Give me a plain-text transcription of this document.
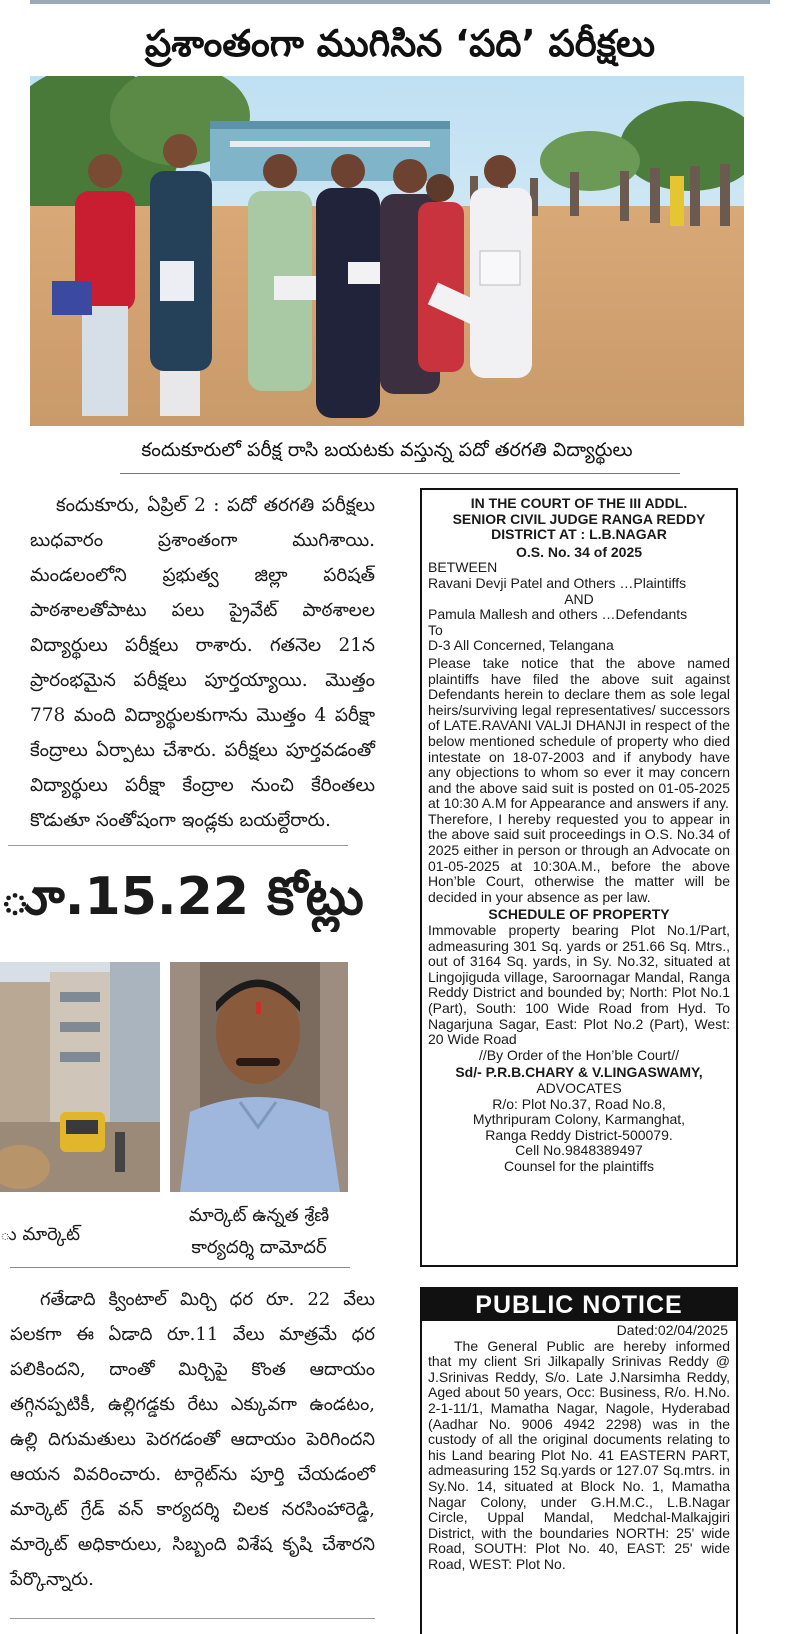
ప్రశాంతంగా ముగిసిన ‘పది’ పరీక్షలు
కందుకూరులో పరీక్ష రాసి బయటకు వస్తున్న పదో తరగతి విద్యార్థులు

కందుకూరు, ఏప్రిల్ 2 : పదో తరగతి పరీక్షలు బుధవారం ప్రశాంతంగా ముగిశాయి. మండలంలోని ప్రభుత్వ జిల్లా పరిషత్ పాఠశాలతోపాటు పలు ప్రైవేట్ పాఠశాలల విద్యార్థులు పరీక్షలు రాశారు. గతనెల 21న ప్రారంభమైన పరీక్షలు పూర్తయ్యాయి. మొత్తం 778 మంది విద్యార్థులకుగాను మొత్తం 4 పరీక్షా కేంద్రాలు ఏర్పాటు చేశారు. పరీక్షలు పూర్తవడంతో విద్యార్థులు పరీక్షా కేంద్రాల నుంచి కేరింతలు కొడుతూ సంతోషంగా ఇండ్లకు బయల్దేరారు.

ూ.15.22 కోట్లు
ు మార్కెట్
మార్కెట్ ఉన్నత శ్రేణి
కార్యదర్శి దామోదర్

గతేడాది క్వింటాల్ మిర్చి ధర రూ. 22 వేలు పలకగా ఈ ఏడాది రూ.11 వేలు మాత్రమే ధర పలికిందని, దాంతో మిర్చిపై కొంత ఆదాయం తగ్గినప్పటికీ, ఉల్లిగడ్డకు రేటు ఎక్కువగా ఉండటం, ఉల్లి దిగుమతులు పెరగడంతో ఆదాయం పెరిగిందని ఆయన వివరించారు. టార్గెట్‌ను పూర్తి చేయడంలో మార్కెట్ గ్రేడ్ వన్ కార్యదర్శి చిలక నరసింహారెడ్డి, మార్కెట్ అధికారులు, సిబ్బంది విశేష కృషి చేశారని పేర్కొన్నారు.

IN THE COURT OF THE III ADDL.

SENIOR CIVIL JUDGE RANGA REDDY

DISTRICT AT : L.B.NAGAR

O.S. No. 34 of 2025

BETWEEN

Ravani Devji Patel and Others …Plaintiffs

AND

Pamula Mallesh and others …Defendants

To

D-3 All Concerned, Telangana

Please take notice that the above named plaintiffs have filed the above suit against Defendants herein to declare them as sole legal heirs/surviving legal representatives/ successors of LATE.RAVANI VALJI DHANJI in respect of the below mentioned schedule of property who died intestate on 18-07-2003 and if anybody have any objections to whom so ever it may concern and the above said suit is posted on 01-05-2025 at 10:30 A.M for Appearance and answers if any.

Therefore, I hereby requested you to appear in the above said suit proceedings in O.S. No.34 of 2025 either in person or through an Advocate on 01-05-2025 at 10:30A.M., before the above Hon’ble Court, otherwise the matter will be decided in your absence as per law.

SCHEDULE OF PROPERTY

Immovable property bearing Plot No.1/Part, admeasuring 301 Sq. yards or 251.66 Sq. Mtrs., out of 3164 Sq. yards, in Sy. No.32, situated at Lingojiguda village, Saroornagar Mandal, Ranga Reddy District and bounded by; North: Plot No.1 (Part), South: 100 Wide Road from Hyd. To Nagarjuna Sagar, East: Plot No.2 (Part), West: 20 Wide Road

//By Order of the Hon’ble Court//

Sd/- P.R.B.CHARY & V.LINGASWAMY,

ADVOCATES

R/o: Plot No.37, Road No.8,

Mythripuram Colony, Karmanghat,

Ranga Reddy District-500079.

Cell No.9848389497

Counsel for the plaintiffs

PUBLIC NOTICE
Dated:02/04/2025

The General Public are hereby informed that my client Sri Jilkapally Srinivas Reddy @ J.Srinivas Reddy, S/o. Late J.Narsimha Reddy, Aged about 50 years, Occ: Business, R/o. H.No. 2-1-11/1, Mamatha Nagar, Nagole, Hyderabad (Aadhar No. 9006 4942 2298) was in the custody of all the original documents relating to his Land bearing Plot No. 41 EASTERN PART, admeasuring 152 Sq.yards or 127.07 Sq.mtrs. in Sy.No. 14, situated at Block No. 1, Mamatha Nagar Colony, under G.H.M.C., L.B.Nagar Circle, Uppal Mandal, Medchal-Malkajgiri District, with the boundaries NORTH: 25' wide Road, SOUTH: Plot No. 40, EAST: 25' wide Road, WEST: Plot No.
